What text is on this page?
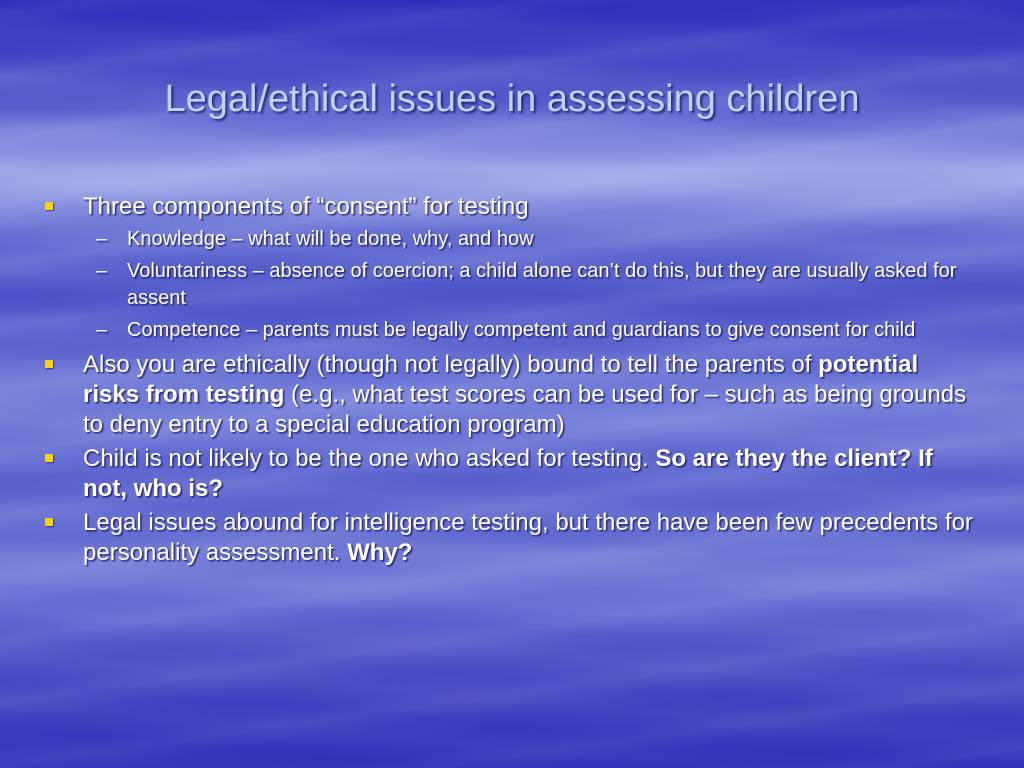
Legal/ethical issues in assessing children
Three components of “consent” for testing
– Knowledge – what will be done, why, and how
– Voluntariness – absence of coercion; a child alone can’t do this, but they are usually asked for assent
– Competence – parents must be legally competent and guardians to give consent for child
Also you are ethically (though not legally) bound to tell the parents of potential risks from testing (e.g., what test scores can be used for – such as being grounds to deny entry to a special education program)
Child is not likely to be the one who asked for testing. So are they the client? If not, who is?
Legal issues abound for intelligence testing, but there have been few precedents for personality assessment. Why?
